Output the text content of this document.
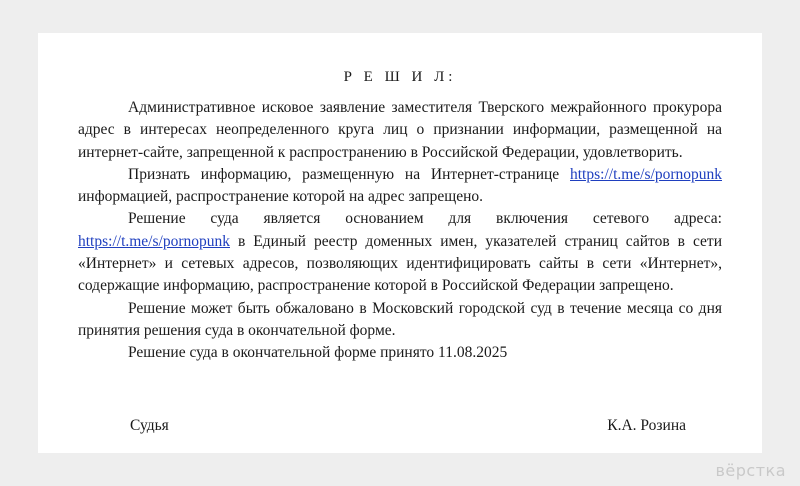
Р Е Ш И Л:

Административное исковое заявление заместителя Тверского межрайонного прокурора адрес в интересах неопределенного круга лиц о признании информации, размещенной на интернет-сайте, запрещенной к распространению в Российской Федерации, удовлетворить.

Признать информацию, размещенную на Интернет-странице https://t.me/s/pornopunk информацией, распространение которой на адрес запрещено.

Решение суда является основанием для включения сетевого адреса: https://t.me/s/pornopunk в Единый реестр доменных имен, указателей страниц сайтов в сети «Интернет» и сетевых адресов, позволяющих идентифицировать сайты в сети «Интернет», содержащие информацию, распространение которой в Российской Федерации запрещено.

Решение может быть обжаловано в Московский городской суд в течение месяца со дня принятия решения суда в окончательной форме.

Решение суда в окончательной форме принято 11.08.2025

Судья	К.А. Розина
вёрстка
